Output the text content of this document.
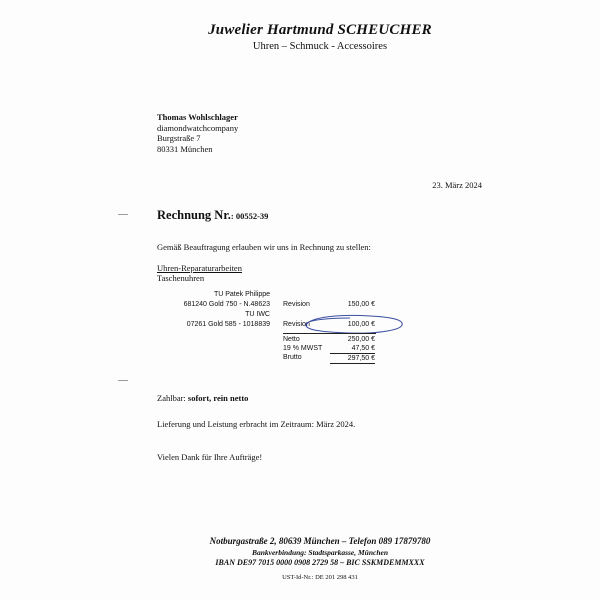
Juwelier Hartmund SCHEUCHER
Uhren – Schmuck - Accessoires
Thomas Wohlschlager
diamondwatchcompany
Burgstraße 7
80331 München
23. März 2024
Rechnung Nr.: 00552-39
Gemäß Beauftragung erlauben wir uns in Rechnung zu stellen:
Uhren-Reparaturarbeiten
Taschenuhren
TU Patek Philippe
681240 Gold 750 - N.48623
TU IWC
07261 Gold 585 - 1018839
Revision	150,00 €
Revision	100,00 €
Netto
19 % MWST
Brutto
250,00 €
47,50 €
297,50 €
Zahlbar: sofort, rein netto
Lieferung und Leistung erbracht im Zeitraum: März 2024.
Vielen Dank für Ihre Aufträge!
Notburgastraße 2, 80639 München – Telefon 089 17879780
Bankverbindung: Stadtsparkasse, München
IBAN DE97 7015 0000 0908 2729 58 – BIC SSKMDEMMXXX
UST-Id-Nr.: DE 201 298 431
